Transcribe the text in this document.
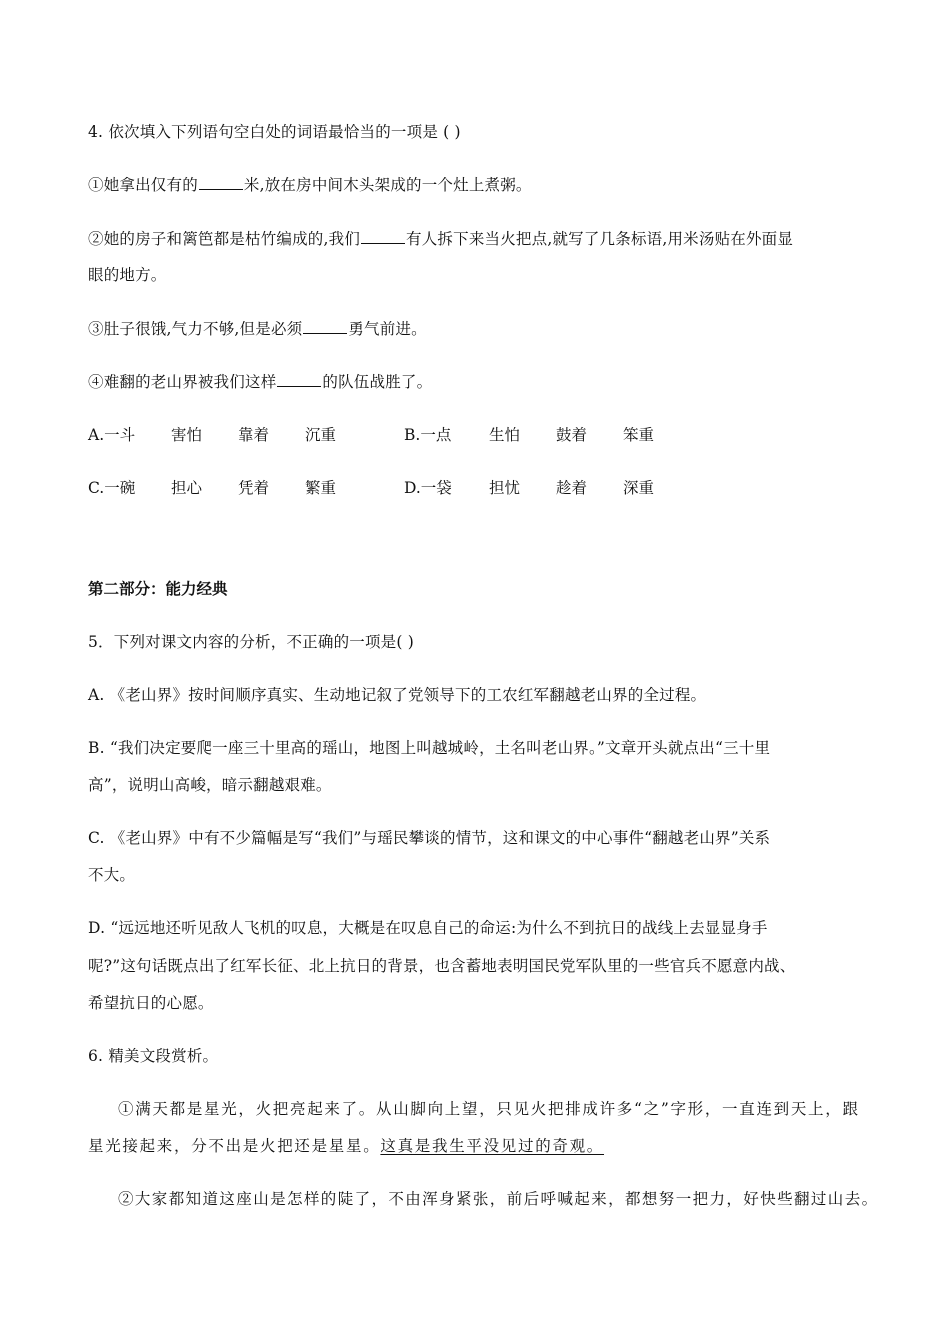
4. 依次填入下列语句空白处的词语最恰当的一项是 ( )
①她拿出仅有的	米,放在房中间木头架成的一个灶上煮粥。
②她的房子和篱笆都是枯竹编成的,我们	有人拆下来当火把点,就写了几条标语,用米汤贴在外面显
眼的地方。
③肚子很饿,气力不够,但是必须	勇气前进。
④难翻的老山界被我们这样	的队伍战胜了。
A.一斗 害怕 靠着 沉重	B.一点 生怕 鼓着 笨重
C.一碗 担心 凭着 繁重	D.一袋 担忧 趁着 深重
第二部分：能力经典
5．下列对课文内容的分析，不正确的一项是( )
A. 《老山界》按时间顺序真实、生动地记叙了党领导下的工农红军翻越老山界的全过程。
B. “我们决定要爬一座三十里高的瑶山，地图上叫越城岭，土名叫老山界。”文章开头就点出“三十里
高”，说明山高峻，暗示翻越艰难。
C. 《老山界》中有不少篇幅是写“我们”与瑶民攀谈的情节，这和课文的中心事件“翻越老山界”关系
不大。
D. “远远地还听见敌人飞机的叹息，大概是在叹息自己的命运:为什么不到抗日的战线上去显显身手
呢?”这句话既点出了红军长征、北上抗日的背景，也含蓄地表明国民党军队里的一些官兵不愿意内战、
希望抗日的心愿。
6. 精美文段赏析。
①满天都是星光，火把亮起来了。从山脚向上望，只见火把排成许多“之”字形，一直连到天上，跟
星光接起来，分不出是火把还是星星。这真是我生平没见过的奇观。
②大家都知道这座山是怎样的陡了，不由浑身紧张，前后呼喊起来，都想努一把力，好快些翻过山去。
